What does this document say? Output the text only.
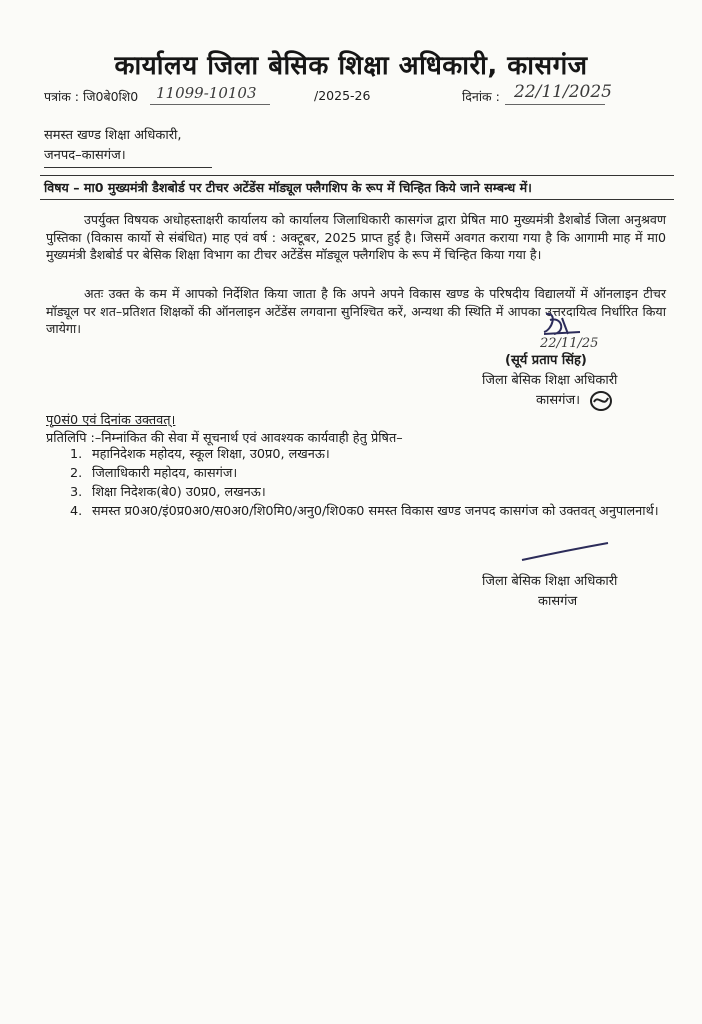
कार्यालय जिला बेसिक शिक्षा अधिकारी, कासगंज
पत्रांक : जि0बे0शि0 11099-10103	/2025-26	दिनांक : 22/11/2025
समस्त खण्ड शिक्षा अधिकारी,
जनपद–कासगंज।
विषय – मा0 मुख्यमंत्री डैशबोर्ड पर टीचर अटेंडेंस मॉड्यूल फ्लैगशिप के रूप में चिन्हित किये जाने सम्बन्ध में।
उपर्युक्त विषयक अधोहस्ताक्षरी कार्यालय को कार्यालय जिलाधिकारी कासगंज द्वारा प्रेषित मा0 मुख्यमंत्री डैशबोर्ड जिला अनुश्रवण पुस्तिका (विकास कार्यो से संबंधित) माह एवं वर्ष : अक्टूबर, 2025 प्राप्त हुई है। जिसमें अवगत कराया गया है कि आगामी माह में मा0 मुख्यमंत्री डैशबोर्ड पर बेसिक शिक्षा विभाग का टीचर अटेंडेंस मॉड्यूल फ्लैगशिप के रूप में चिन्हित किया गया है।
अतः उक्त के कम में आपको निर्देशित किया जाता है कि अपने अपने विकास खण्ड के परिषदीय विद्यालयों में ऑनलाइन टीचर मॉड्यूल पर शत–प्रतिशत शिक्षकों की ऑनलाइन अटेंडेंस लगवाना सुनिश्चित करें, अन्यथा की स्थिति में आपका उत्तरदायित्व निर्धारित किया जायेगा।
22/11/25
(सूर्य प्रताप सिंह)
जिला बेसिक शिक्षा अधिकारी
कासगंज।
पृ0सं0 एवं दिनांक उक्तवत्।
प्रतिलिपि :–निम्नांकित की सेवा में सूचनार्थ एवं आवश्यक कार्यवाही हेतु प्रेषित–
1. महानिदेशक महोदय, स्कूल शिक्षा, उ0प्र0, लखनऊ।
2. जिलाधिकारी महोदय, कासगंज।
3. शिक्षा निदेशक(बे0) उ0प्र0, लखनऊ।
4. समस्त प्र0अ0/इं0प्र0अ0/स0अ0/शि0मि0/अनु0/शि0क0 समस्त विकास खण्ड जनपद कासगंज को उक्तवत् अनुपालनार्थ।
जिला बेसिक शिक्षा अधिकारी
कासगंज
